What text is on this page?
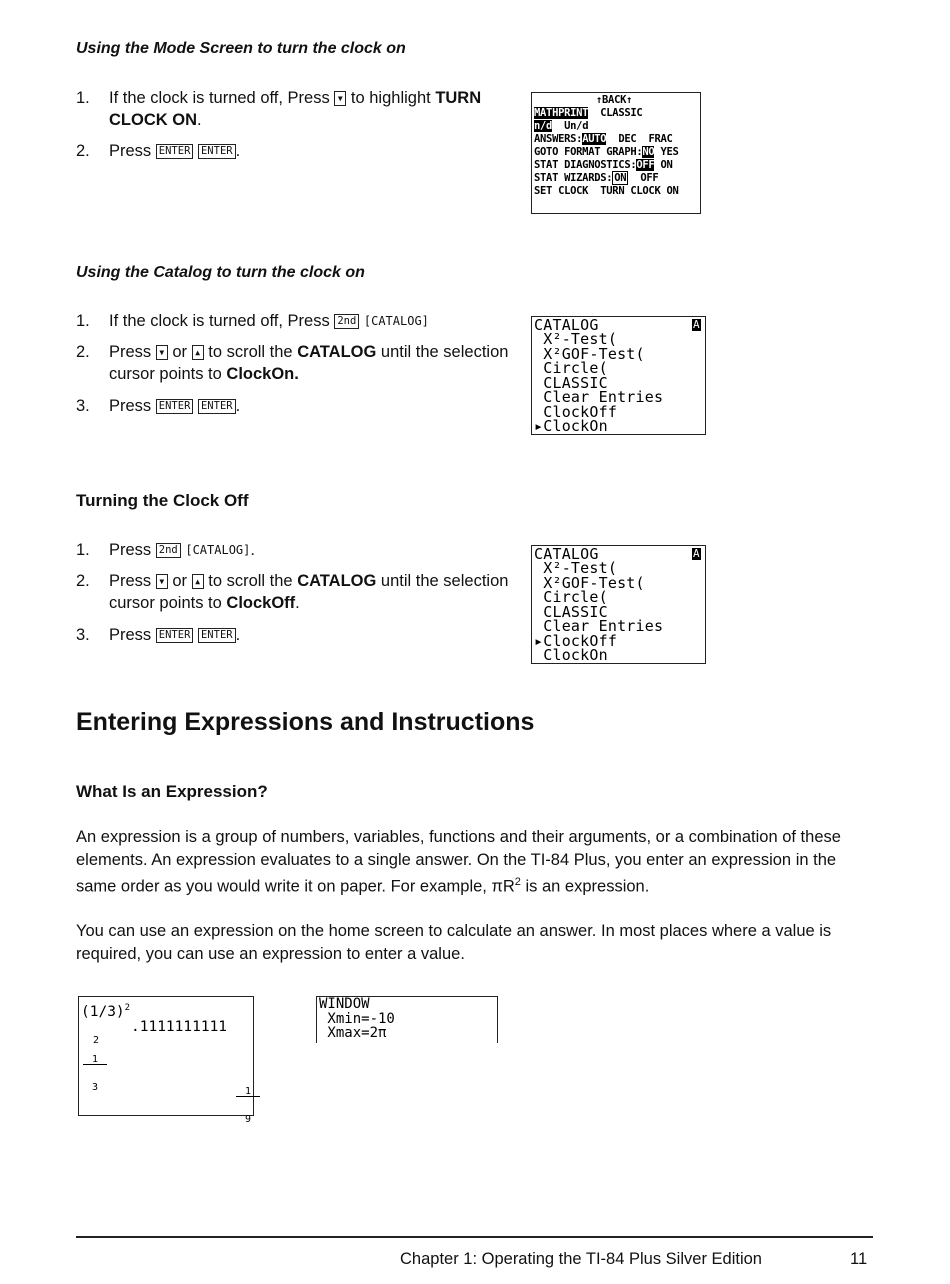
Using the Mode Screen to turn the clock on
1.	If the clock is turned off, Press ▼ to highlight TURN CLOCK ON.
2.	Press ENTER ENTER .
↑BACK↑
MATHPRINT CLASSIC
n/d Un/d
ANSWERS:AUTO DEC FRAC
GOTO FORMAT GRAPH:NO YES
STAT DIAGNOSTICS:OFF ON
STAT WIZARDS: ON OFF
SET CLOCK TURN CLOCK ON
Using the Catalog to turn the clock on
1.	If the clock is turned off, Press 2nd [CATALOG]
2.	Press ▼ or ▲ to scroll the CATALOG until the selection cursor points to ClockOn.
3.	Press ENTER ENTER .
CATALOG	A
X²-Test(
X²GOF-Test(
Circle(
CLASSIC
Clear Entries
ClockOff
▸ClockOn
Turning the Clock Off
1.	Press 2nd [CATALOG].
2.	Press ▼ or ▲ to scroll the CATALOG until the selection cursor points to ClockOff.
3.	Press ENTER ENTER .
CATALOG	A
X²-Test(
X²GOF-Test(
Circle(
CLASSIC
Clear Entries
▸ClockOff
ClockOn
Entering Expressions and Instructions
What Is an Expression?
An expression is a group of numbers, variables, functions and their arguments, or a combination of these elements. An expression evaluates to a single answer. On the TI-84 Plus, you enter an expression in the same order as you would write it on paper. For example, $\pi R^2$ is an expression.
You can use an expression on the home screen to calculate an answer. In most places where a value is required, you can use an expression to enter a value.
$(1/3)^2$
.1111111111

1

3

2

1

9

WINDOW
Xmin=-10
Xmax=2π
Chapter 1: Operating the TI-84 Plus Silver Edition	11
